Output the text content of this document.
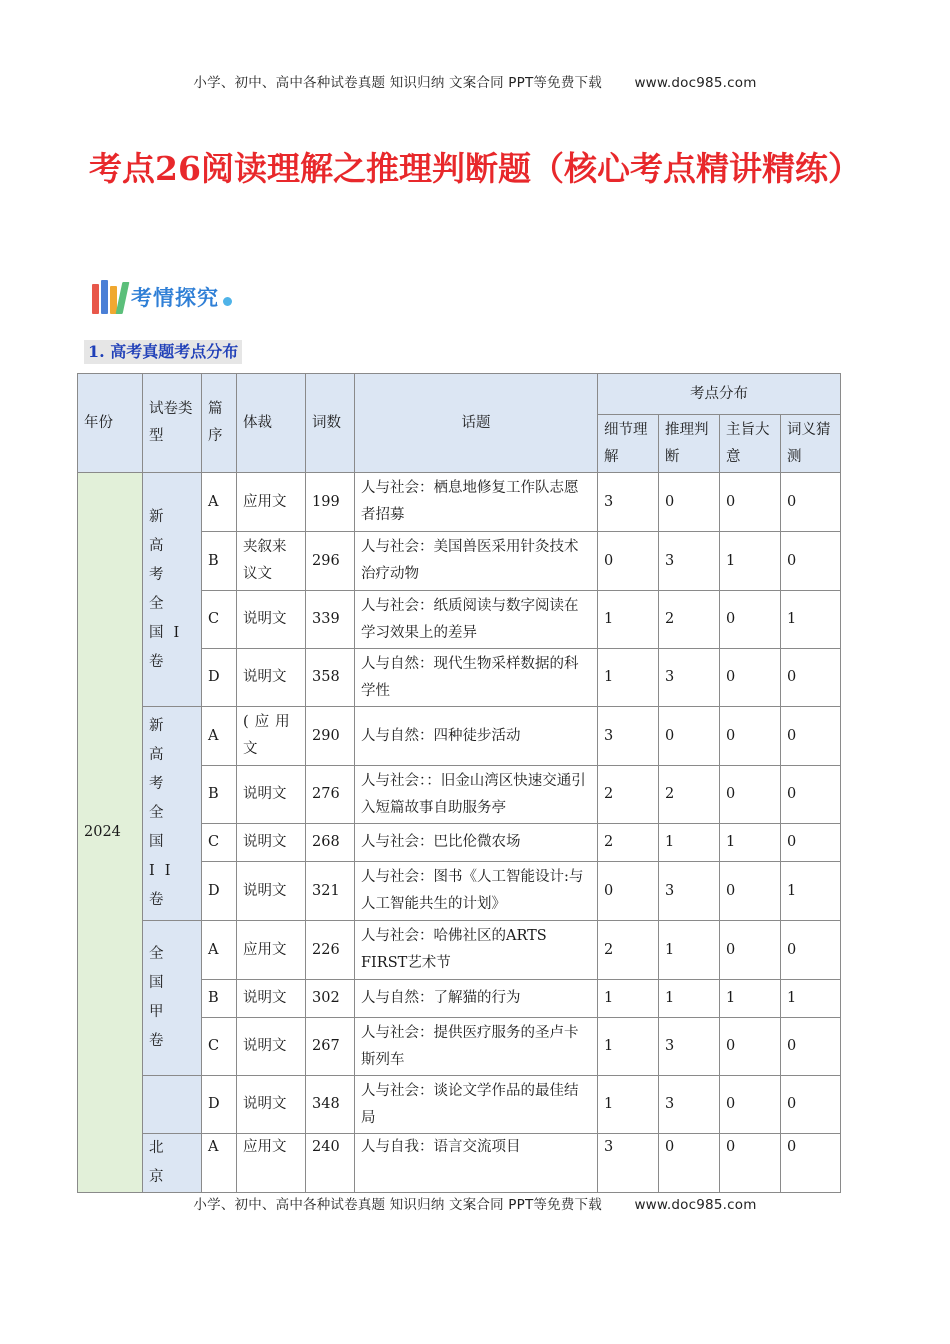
小学、初中、高中各种试卷真题 知识归纳 文案合同 PPT等免费下载 www.doc985.com
考点26阅读理解之推理判断题（核心考点精讲精练）
考情探究
1. 高考真题考点分布
年份	试卷类型	篇序	体裁	词数	话题	考点分布			
						细节理解	推理判断	主旨大意	词义猜测
2024	新高考全国I卷	A	应用文	199	人与社会：栖息地修复工作队志愿者招募	3	0	0	0
		B	夹叙来议文	296	人与社会：美国兽医采用针灸技术治疗动物	0	3	1	0
		C	说明文	339	人与社会：纸质阅读与数字阅读在学习效果上的差异	1	2	0	1
		D	说明文	358	人与自然：现代生物采样数据的科学性	1	3	0	0
	新高考全国II卷	A	(应用文	290	人与自然：四种徒步活动	3	0	0	0
		B	说明文	276	人与社会：：旧金山湾区快速交通引入短篇故事自助服务亭	2	2	0	0
		C	说明文	268	人与社会：巴比伦微农场	2	1	1	0
		D	说明文	321	人与社会：图书《人工智能设计:与人工智能共生的计划》	0	3	0	1
	全国甲卷	A	应用文	226	人与社会：哈佛社区的ARTS FIRST艺术节	2	1	0	0
		B	说明文	302	人与自然：了解猫的行为	1	1	1	1
		C	说明文	267	人与社会：提供医疗服务的圣卢卡斯列车	1	3	0	0
		D	说明文	348	人与社会：谈论文学作品的最佳结局	1	3	0	0
	北京	A	应用文	240	人与自我：语言交流项目	3	0	0	0
小学、初中、高中各种试卷真题 知识归纳 文案合同 PPT等免费下载 www.doc985.com
